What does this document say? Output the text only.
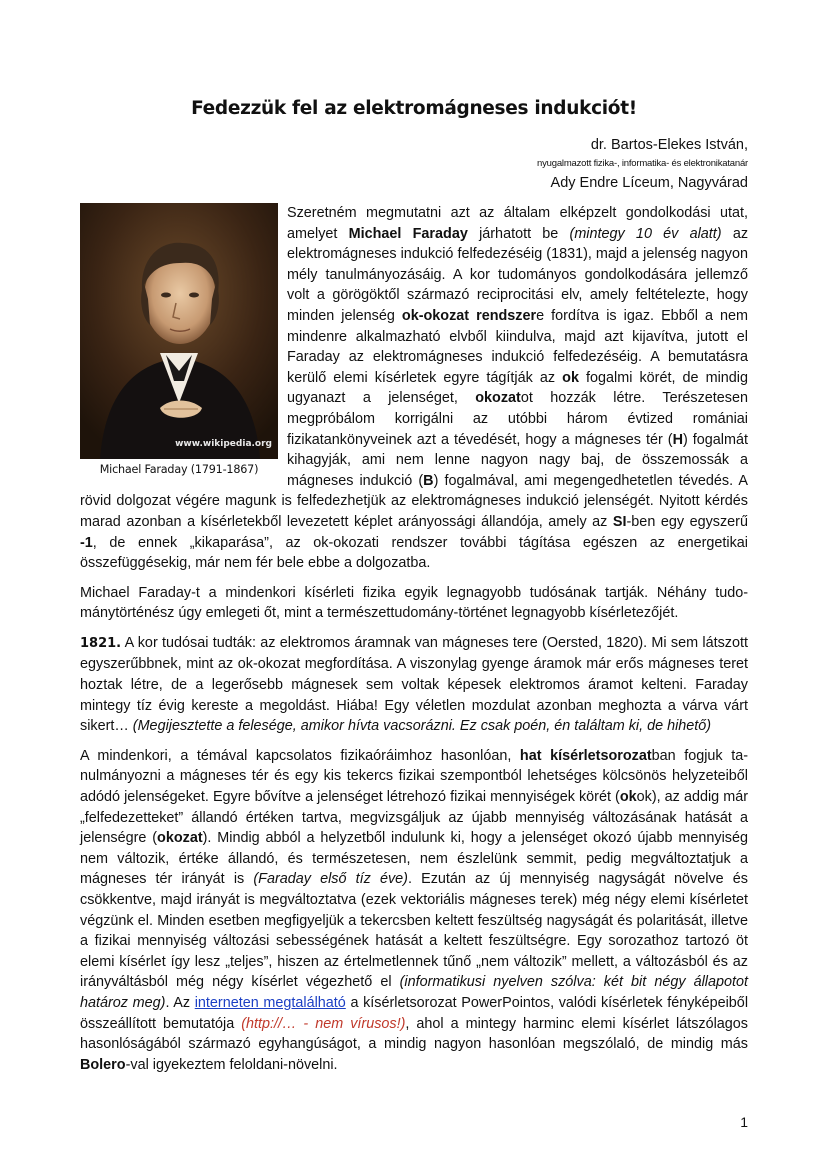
Fedezzük fel az elektromágneses indukciót!

dr. Bartos-Elekes István,

nyugalmazott fizika-, informatika- és elektronikatanár

Ady Endre Líceum, Nagyvárad

www.wikipedia.org
Michael Faraday (1791-1867)

Szeretném megmutatni azt az általam elképzelt gondolkodási utat, amelyet Michael Faraday járhatott be (mintegy 10 év alatt) az elektromágneses indukció felfedezéséig (1831), majd a jelenség nagyon mély tanulmányozásáig. A kor tudományos gondolkodására jellemző volt a görögöktől származó reciprocitási elv, amely feltételezte, hogy minden jelenség ok-okozat rendszere fordítva is igaz. Ebből a nem mindenre alkalmazható elvből kiindulva, majd azt kijavítva, jutott el Faraday az elektromágneses indukció felfedezéséig. A bemutatásra kerülő elemi kísérletek egyre tágítják az ok fogalmi körét, de mindig ugyanazt a jelenséget, okozatot hozzák létre. Terészetesen megpróbálom korrigálni az utóbbi három évtized romániai fizikatankönyveinek azt a tévedését, hogy a mágneses tér (H) fogalmát kihagyják, ami nem lenne nagyon nagy baj, de összemossák a mágneses indukció (B) fogalmával, ami megengedhetetlen tévedés. A rövid dolgozat végére magunk is felfedezhetjük az elektromágneses indukció jelenségét. Nyitott kérdés marad azonban a kísérletekből levezetett képlet arányossági állandója, amely az SI-ben egy egyszerű -1, de ennek „kikaparása”, az ok-okozati rendszer további tágítása egészen az energetikai összefüggésekig, már nem fér bele ebbe a dolgozatba.

Michael Faraday-t a mindenkori kísérleti fizika egyik legnagyobb tudósának tartják. Néhány tudománytörténész úgy emlegeti őt, mint a természettudomány-történet legnagyobb kísérletezőjét.

1821. A kor tudósai tudták: az elektromos áramnak van mágneses tere (Oersted, 1820). Mi sem látszott egyszerűbbnek, mint az ok-okozat megfordítása. A viszonylag gyenge áramok már erős mágneses teret hoztak létre, de a legerősebb mágnesek sem voltak képesek elektromos áramot kelteni. Faraday mintegy tíz évig kereste a megoldást. Hiába! Egy véletlen mozdulat azonban meghozta a várva várt sikert… (Megijesztette a felesége, amikor hívta vacsorázni. Ez csak poén, én találtam ki, de hihető)

A mindenkori, a témával kapcsolatos fizikaóráimhoz hasonlóan, hat kísérletsorozatban fogjuk tanulmányozni a mágneses tér és egy kis tekercs fizikai szempontból lehetséges kölcsönös helyzeteiből adódó jelenségeket. Egyre bővítve a jelenséget létrehozó fizikai mennyiségek körét (okok), az addig már „felfedezetteket” állandó értéken tartva, megvizsgáljuk az újabb mennyiség változásának hatását a jelenségre (okozat). Mindig abból a helyzetből indulunk ki, hogy a jelenséget okozó újabb mennyiség nem változik, értéke állandó, és természetesen, nem észlelünk semmit, pedig megváltoztatjuk a mágneses tér irányát is (Faraday első tíz éve). Ezután az új mennyiség nagyságát növelve és csökkentve, majd irányát is megváltoztatva (ezek vektoriális mágneses terek) még négy elemi kísérletet végzünk el. Minden esetben megfigyeljük a tekercsben keltett feszültség nagyságát és polaritását, illetve a fizikai mennyiség változási sebességének hatását a keltett feszültségre. Egy sorozathoz tartozó öt elemi kísérlet így lesz „teljes”, hiszen az értelmetlennek tűnő „nem változik” mellett, a változásból és az irányváltásból még négy kísérlet végezhető el (informatikusi nyelven szólva: két bit négy állapotot határoz meg). Az interneten megtalálható a kísérletsorozat PowerPointos, valódi kísérletek fényképeiből összeállított bemutatója (http://… - nem vírusos!), ahol a mintegy harminc elemi kísérlet látszólagos hasonlóságából származó egyhangúságot, a mindig nagyon hasonlóan megszólaló, de mindig más Bolero-val igyekeztem feloldani-növelni.

1
